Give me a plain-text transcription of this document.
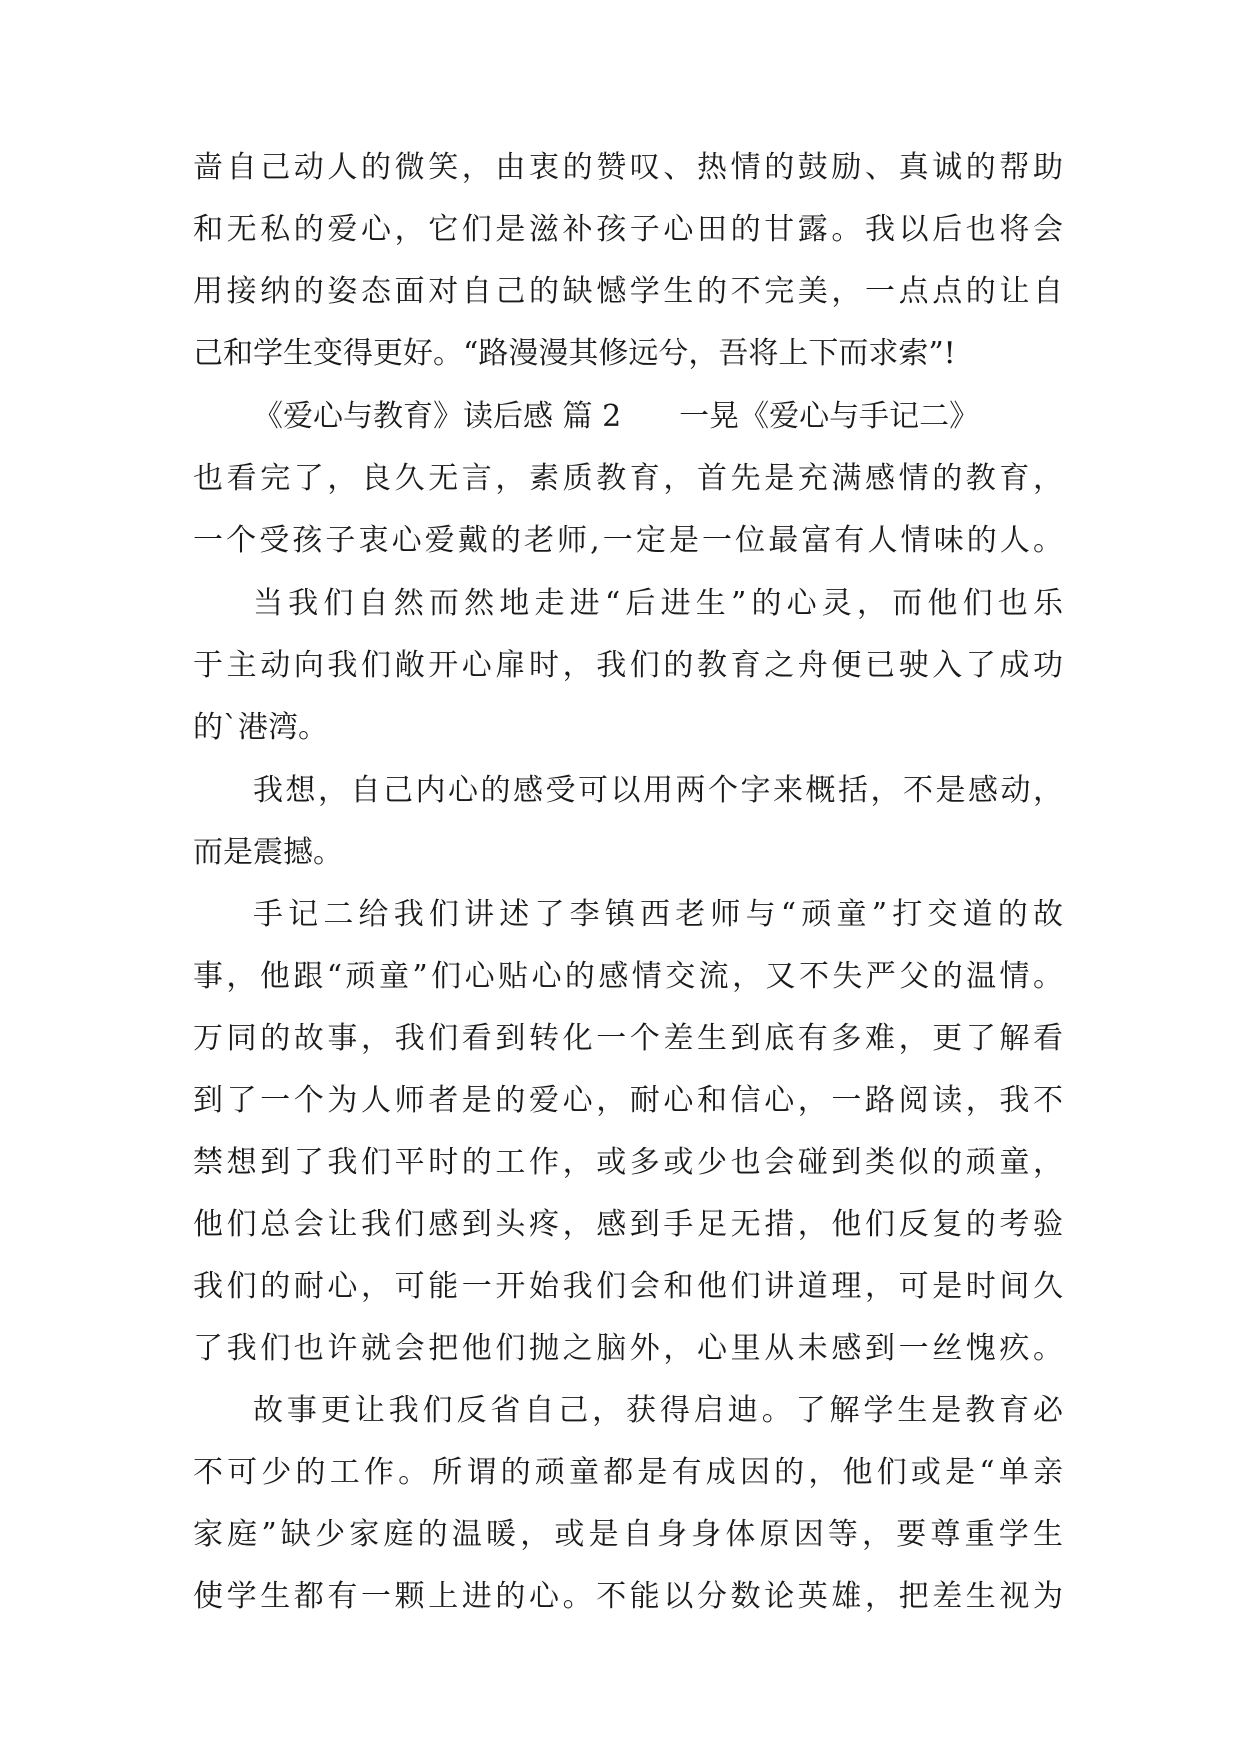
啬自己动人的微笑，由衷的赞叹、热情的鼓励、真诚的帮助
和无私的爱心，它们是滋补孩子心田的甘露。我以后也将会
用接纳的姿态面对自己的缺憾学生的不完美，一点点的让自
己和学生变得更好。“路漫漫其修远兮，吾将上下而求索”!
《爱心与教育》读后感 篇 2 一晃《爱心与手记二》
也看完了，良久无言，素质教育，首先是充满感情的教育，
一个受孩子衷心爱戴的老师,一定是一位最富有人情味的人。
当我们自然而然地走进“后进生”的心灵，而他们也乐
于主动向我们敞开心扉时，我们的教育之舟便已驶入了成功
的`港湾。
我想，自己内心的感受可以用两个字来概括，不是感动，
而是震撼。
手记二给我们讲述了李镇西老师与“顽童”打交道的故
事，他跟“顽童”们心贴心的感情交流，又不失严父的温情。
万同的故事，我们看到转化一个差生到底有多难，更了解看
到了一个为人师者是的爱心，耐心和信心，一路阅读，我不
禁想到了我们平时的工作，或多或少也会碰到类似的顽童，
他们总会让我们感到头疼，感到手足无措，他们反复的考验
我们的耐心，可能一开始我们会和他们讲道理，可是时间久
了我们也许就会把他们抛之脑外，心里从未感到一丝愧疚。
故事更让我们反省自己，获得启迪。了解学生是教育必
不可少的工作。所谓的顽童都是有成因的，他们或是“单亲
家庭”缺少家庭的温暖，或是自身身体原因等，要尊重学生
使学生都有一颗上进的心。不能以分数论英雄，把差生视为
